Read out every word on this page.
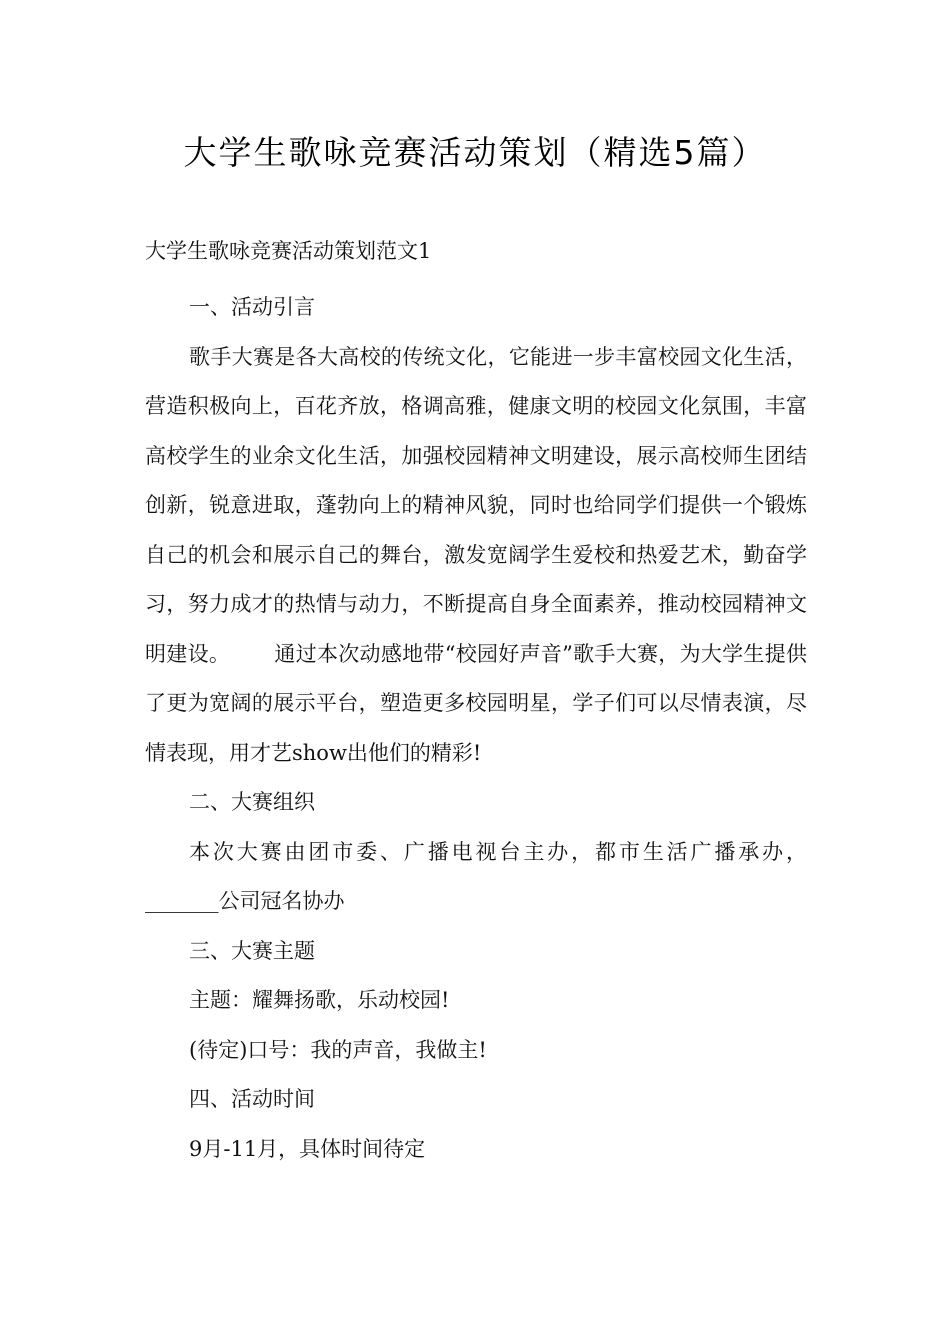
大学生歌咏竞赛活动策划（精选5篇）
大学生歌咏竞赛活动策划范文1

一、活动引言

歌手大赛是各大高校的传统文化，它能进一步丰富校园文化生活，营造积极向上，百花齐放，格调高雅，健康文明的校园文化氛围，丰富高校学生的业余文化生活，加强校园精神文明建设，展示高校师生团结创新，锐意进取，蓬勃向上的精神风貌，同时也给同学们提供一个锻炼自己的机会和展示自己的舞台，激发宽阔学生爱校和热爱艺术，勤奋学习，努力成才的热情与动力，不断提高自身全面素养，推动校园精神文明建设。 通过本次动感地带“校园好声音”歌手大赛，为大学生提供了更为宽阔的展示平台，塑造更多校园明星，学子们可以尽情表演，尽情表现，用才艺show出他们的精彩!

二、大赛组织

本次大赛由团市委、广播电视台主办，都市生活广播承办，_______公司冠名协办

三、大赛主题

主题：耀舞扬歌，乐动校园!

(待定)口号：我的声音，我做主!

四、活动时间

9月-11月，具体时间待定
